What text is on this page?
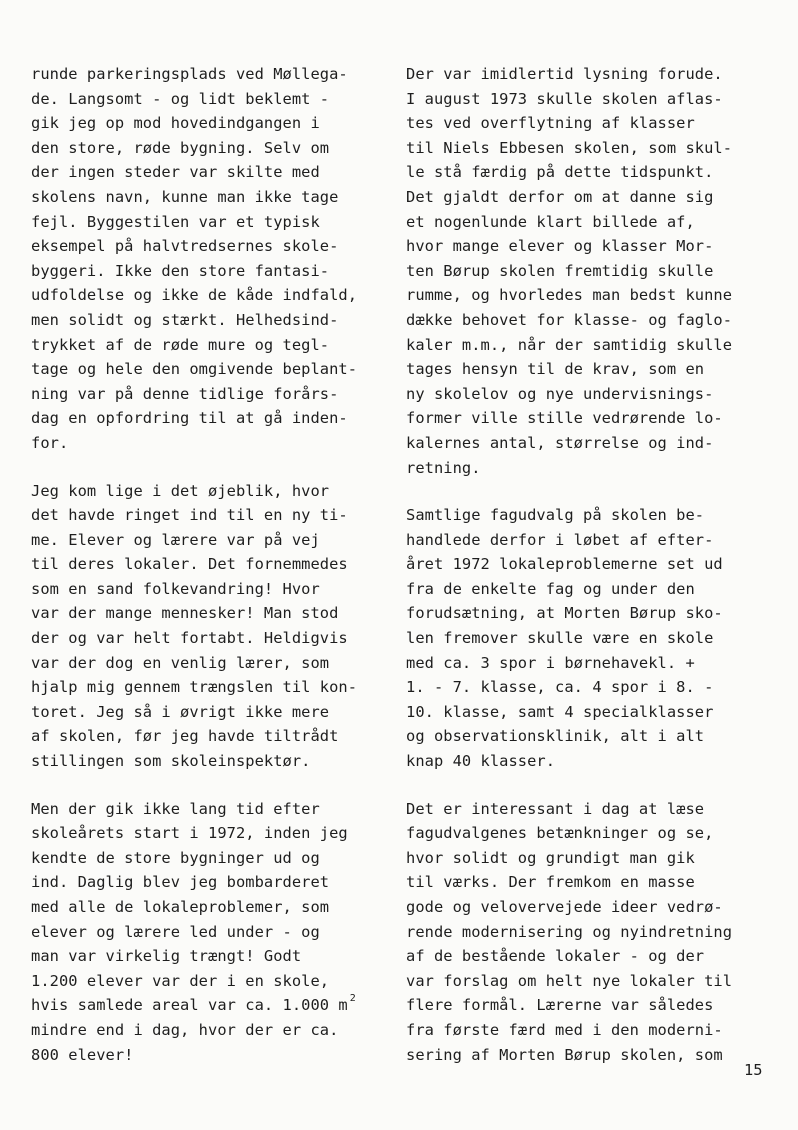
runde parkeringsplads ved Møllega-
de. Langsomt - og lidt beklemt -
gik jeg op mod hovedindgangen i
den store, røde bygning. Selv om
der ingen steder var skilte med
skolens navn, kunne man ikke tage
fejl. Byggestilen var et typisk
eksempel på halvtredsernes skole-
byggeri. Ikke den store fantasi-
udfoldelse og ikke de kåde indfald,
men solidt og stærkt. Helhedsind-
trykket af de røde mure og tegl-
tage og hele den omgivende beplant-
ning var på denne tidlige forårs-
dag en opfordring til at gå inden-
for.
Jeg kom lige i det øjeblik, hvor
det havde ringet ind til en ny ti-
me. Elever og lærere var på vej
til deres lokaler. Det fornemmedes
som en sand folkevandring! Hvor
var der mange mennesker! Man stod
der og var helt fortabt. Heldigvis
var der dog en venlig lærer, som
hjalp mig gennem trængslen til kon-
toret. Jeg så i øvrigt ikke mere
af skolen, før jeg havde tiltrådt
stillingen som skoleinspektør.
Men der gik ikke lang tid efter
skoleårets start i 1972, inden jeg
kendte de store bygninger ud og
ind. Daglig blev jeg bombarderet
med alle de lokaleproblemer, som
elever og lærere led under - og
man var virkelig trængt! Godt
1.200 elever var der i en skole,
hvis samlede areal var ca. 1.000 m $^2$
mindre end i dag, hvor der er ca.
800 elever!
Der var imidlertid lysning forude.
I august 1973 skulle skolen aflas-
tes ved overflytning af klasser
til Niels Ebbesen skolen, som skul-
le stå færdig på dette tidspunkt.
Det gjaldt derfor om at danne sig
et nogenlunde klart billede af,
hvor mange elever og klasser Mor-
ten Børup skolen fremtidig skulle
rumme, og hvorledes man bedst kunne
dække behovet for klasse- og faglo-
kaler m.m., når der samtidig skulle
tages hensyn til de krav, som en
ny skolelov og nye undervisnings-
former ville stille vedrørende lo-
kalernes antal, størrelse og ind-
retning.
Samtlige fagudvalg på skolen be-
handlede derfor i løbet af efter-
året 1972 lokaleproblemerne set ud
fra de enkelte fag og under den
forudsætning, at Morten Børup sko-
len fremover skulle være en skole
med ca. 3 spor i børnehavekl. +
1. - 7. klasse, ca. 4 spor i 8. -
10. klasse, samt 4 specialklasser
og observationsklinik, alt i alt
knap 40 klasser.
Det er interessant i dag at læse
fagudvalgenes betænkninger og se,
hvor solidt og grundigt man gik
til værks. Der fremkom en masse
gode og velovervejede ideer vedrø-
rende modernisering og nyindretning
af de bestående lokaler - og der
var forslag om helt nye lokaler til
flere formål. Lærerne var således
fra første færd med i den moderni-
sering af Morten Børup skolen, som
15
